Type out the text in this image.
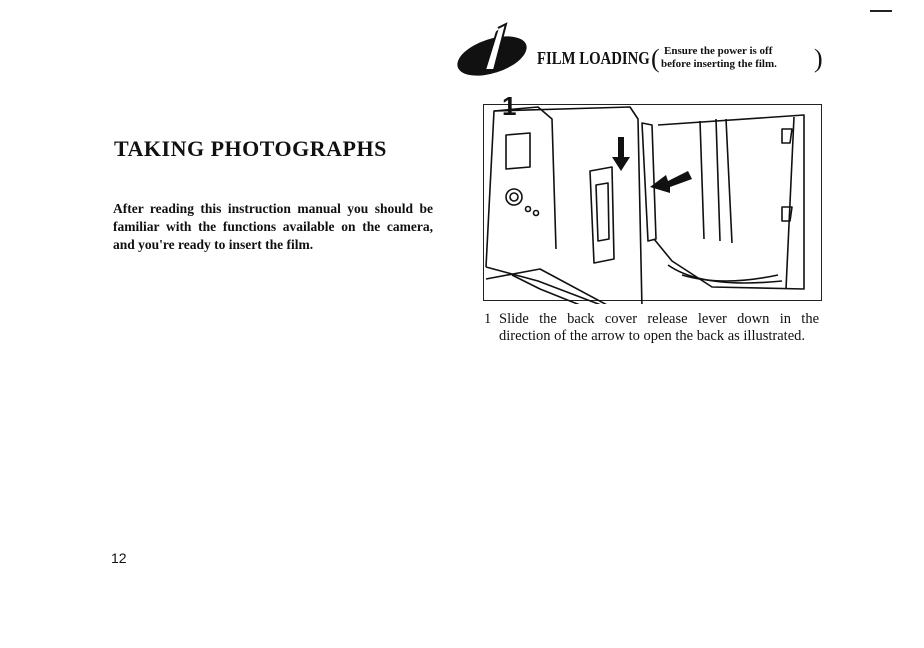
TAKING PHOTOGRAPHS
After reading this instruction manual you should be familiar with the functions available on the camera, and you're ready to insert the film.
12
FILM LOADING ( Ensure the power is off
before inserting the film. )
1
1 Slide the back cover release lever down in the direction of the arrow to open the back as illustrated.
